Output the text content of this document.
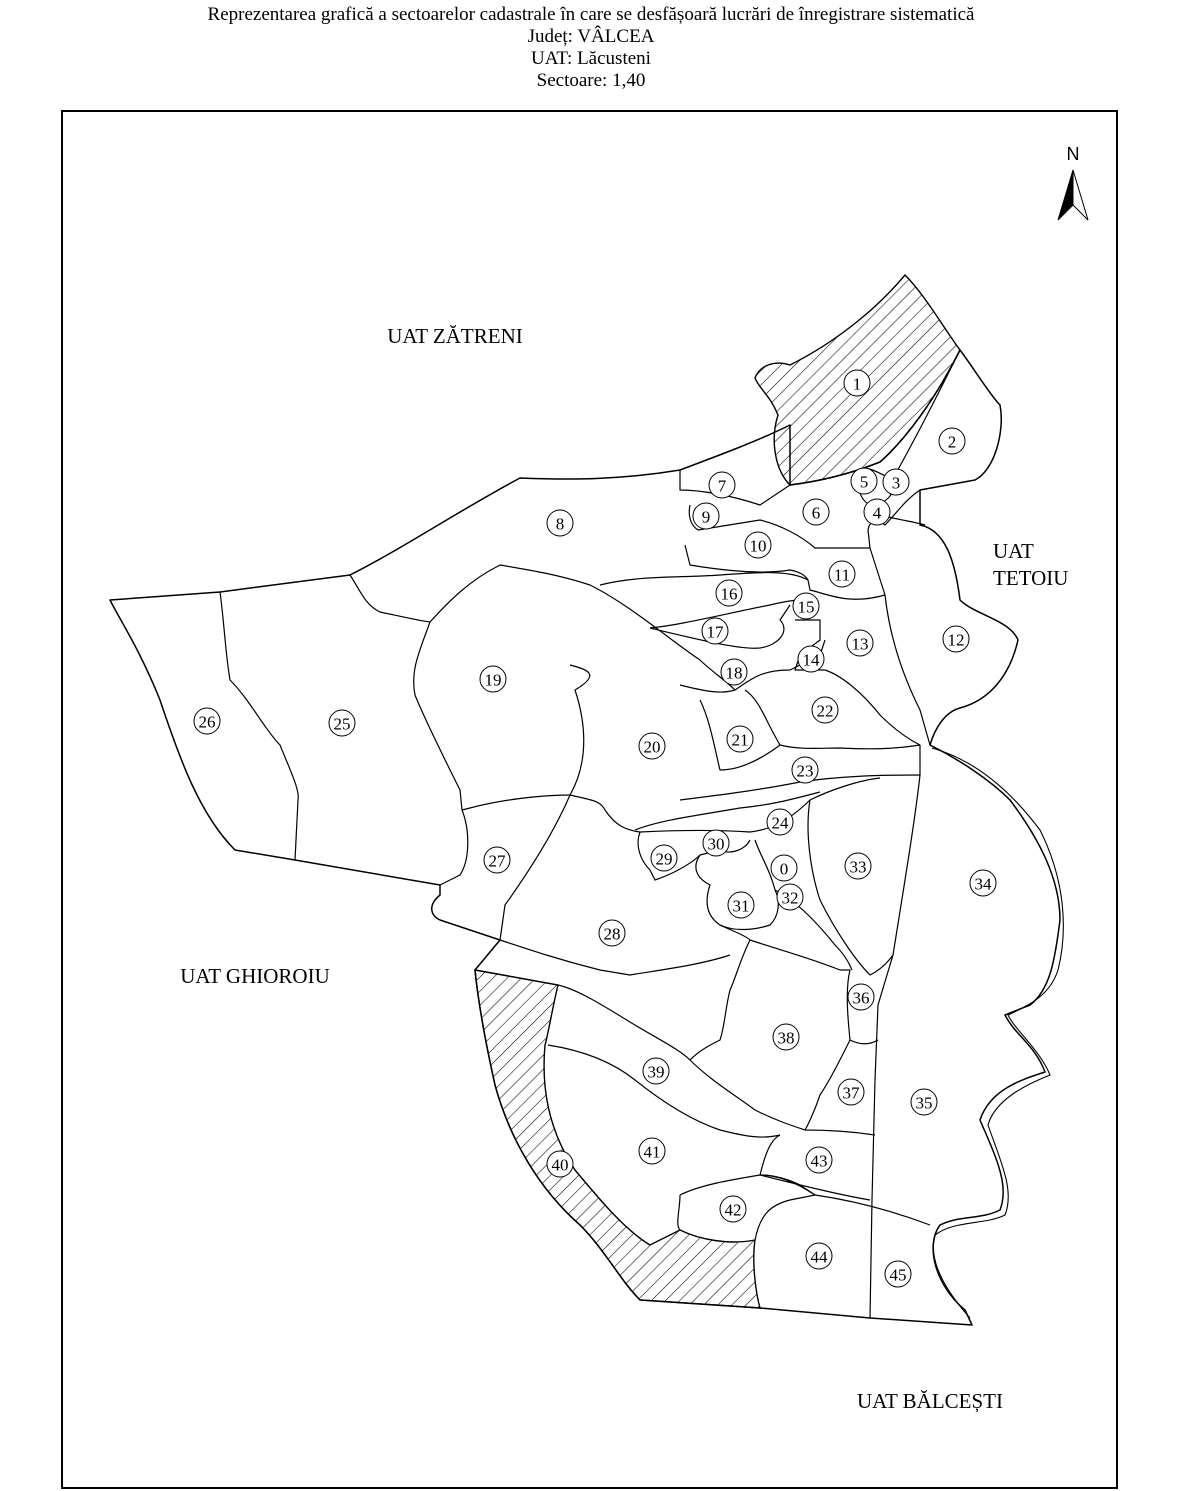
Reprezentarea grafică a sectoarelor cadastrale în care se desfășoară lucrări de înregistrare sistematică
Județ: VÂLCEA
UAT: Lăcusteni
Sectoare: 1,40
N
UAT ZĂTRENI
UAT
TETOIU
UAT GHIOROIU
UAT BĂLCEȘTI
1
2
3
4
5
6
7
8	9
10
11
12
13
14
15
16
17
18
19
20	21
22
23
24
25
26
27
28
29
30
0
31 32
33
34
35
36
37
38
39
40
41
42
43
44
45
